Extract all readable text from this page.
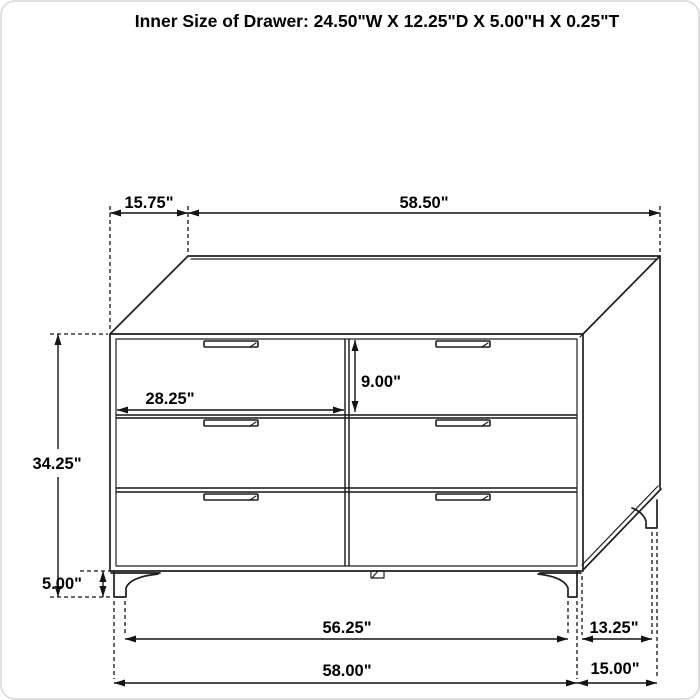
Inner Size of Drawer: 24.50"W X 12.25"D X 5.00"H X 0.25"T
15.75"	58.50"
34.25"
5.00"
28.25"
9.00"
56.25"
58.00"
13.25"
15.00"
